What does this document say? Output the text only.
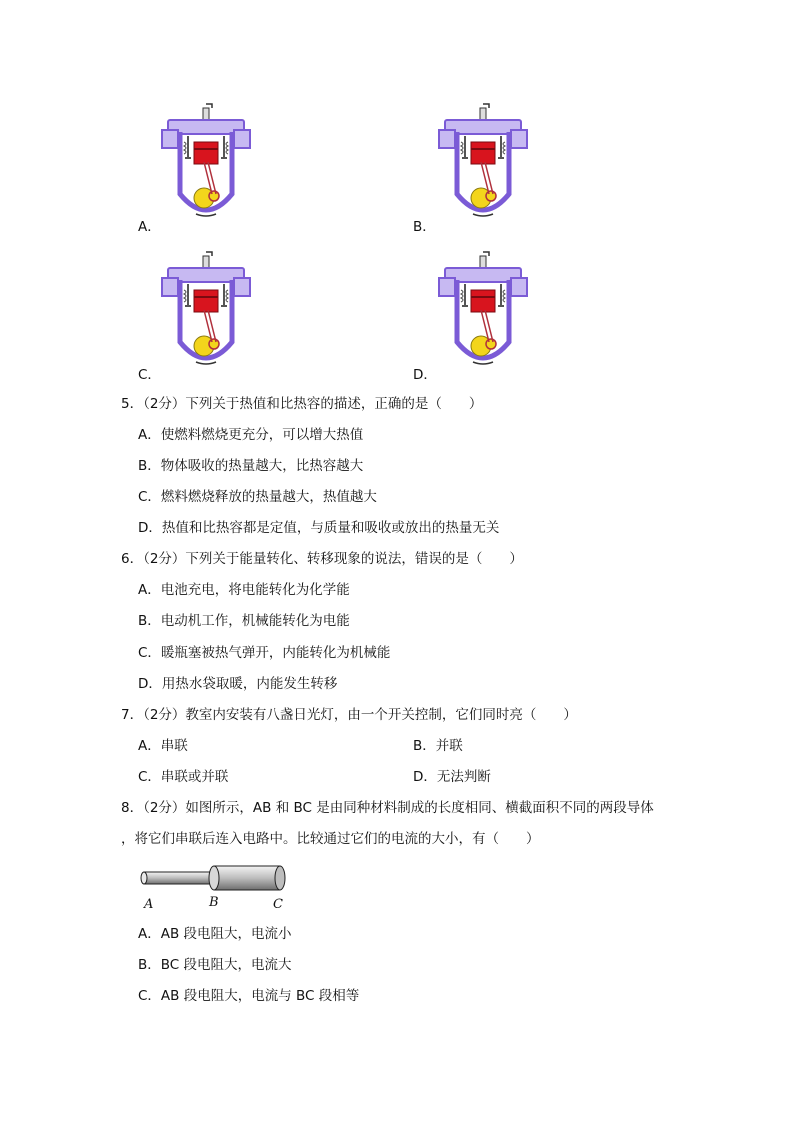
A．	B．
C．	D．
5．（2分）下列关于热值和比热容的描述，正确的是（　　）
A．使燃料燃烧更充分，可以增大热值
B．物体吸收的热量越大，比热容越大
C．燃料燃烧释放的热量越大，热值越大
D．热值和比热容都是定值，与质量和吸收或放出的热量无关
6．（2分）下列关于能量转化、转移现象的说法，错误的是（　　）
A．电池充电，将电能转化为化学能
B．电动机工作，机械能转化为电能
C．暖瓶塞被热气弹开，内能转化为机械能
D．用热水袋取暖，内能发生转移
7．（2分）教室内安装有八盏日光灯，由一个开关控制，它们同时亮（　　）
A．串联	B．并联
C．串联或并联	D．无法判断
8．（2分）如图所示，AB 和 BC 是由同种材料制成的长度相同、横截面积不同的两段导体
，将它们串联后连入电路中。比较通过它们的电流的大小，有（　　）
A	B	C
A．AB 段电阻大，电流小
B．BC 段电阻大，电流大
C．AB 段电阻大，电流与 BC 段相等
